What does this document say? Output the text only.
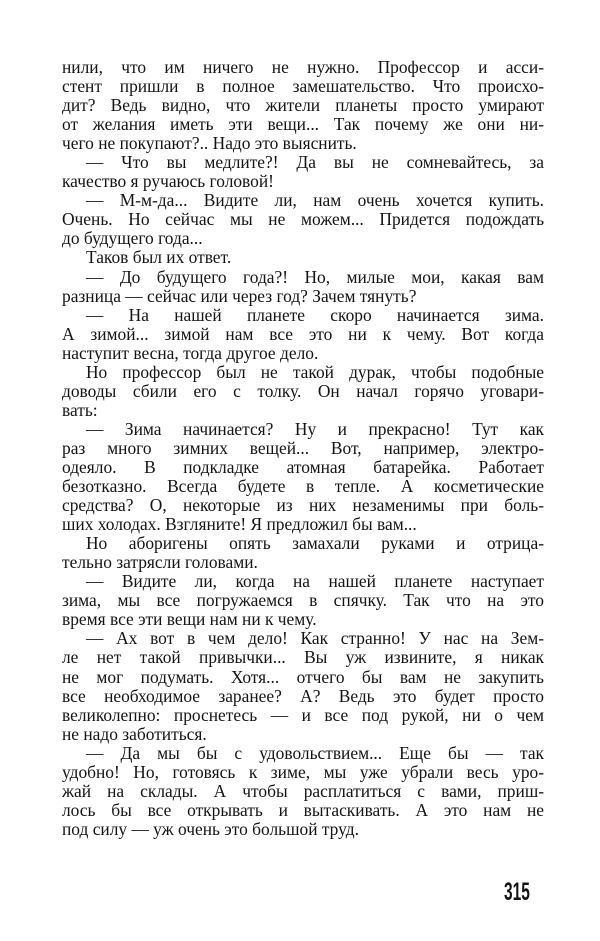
нили, что им ничего не нужно. Профессор и асси-
стент пришли в полное замешательство. Что происхо-
дит? Ведь видно, что жители планеты просто умирают
от желания иметь эти вещи... Так почему же они ни-
чего не покупают?.. Надо это выяснить.
— Что вы медлите?! Да вы не сомневайтесь, за
качество я ручаюсь головой!
— М-м-да... Видите ли, нам очень хочется купить.
Очень. Но сейчас мы не можем... Придется подождать
до будущего года...
Таков был их ответ.
— До будущего года?! Но, милые мои, какая вам
разница — сейчас или через год? Зачем тянуть?
— На нашей планете скоро начинается зима.
А зимой... зимой нам все это ни к чему. Вот когда
наступит весна, тогда другое дело.
Но профессор был не такой дурак, чтобы подобные
доводы сбили его с толку. Он начал горячо уговари-
вать:
— Зима начинается? Ну и прекрасно! Тут как
раз много зимних вещей... Вот, например, электро-
одеяло. В подкладке атомная батарейка. Работает
безотказно. Всегда будете в тепле. А косметические
средства? О, некоторые из них незаменимы при боль-
ших холодах. Взгляните! Я предложил бы вам...
Но аборигены опять замахали руками и отрица-
тельно затрясли головами.
— Видите ли, когда на нашей планете наступает
зима, мы все погружаемся в спячку. Так что на это
время все эти вещи нам ни к чему.
— Ах вот в чем дело! Как странно! У нас на Зем-
ле нет такой привычки... Вы уж извините, я никак
не мог подумать. Хотя... отчего бы вам не закупить
все необходимое заранее? А? Ведь это будет просто
великолепно: проснетесь — и все под рукой, ни о чем
не надо заботиться.
— Да мы бы с удовольствием... Еще бы — так
удобно! Но, готовясь к зиме, мы уже убрали весь уро-
жай на склады. А чтобы расплатиться с вами, приш-
лось бы все открывать и вытаскивать. А это нам не
под силу — уж очень это большой труд.
315
